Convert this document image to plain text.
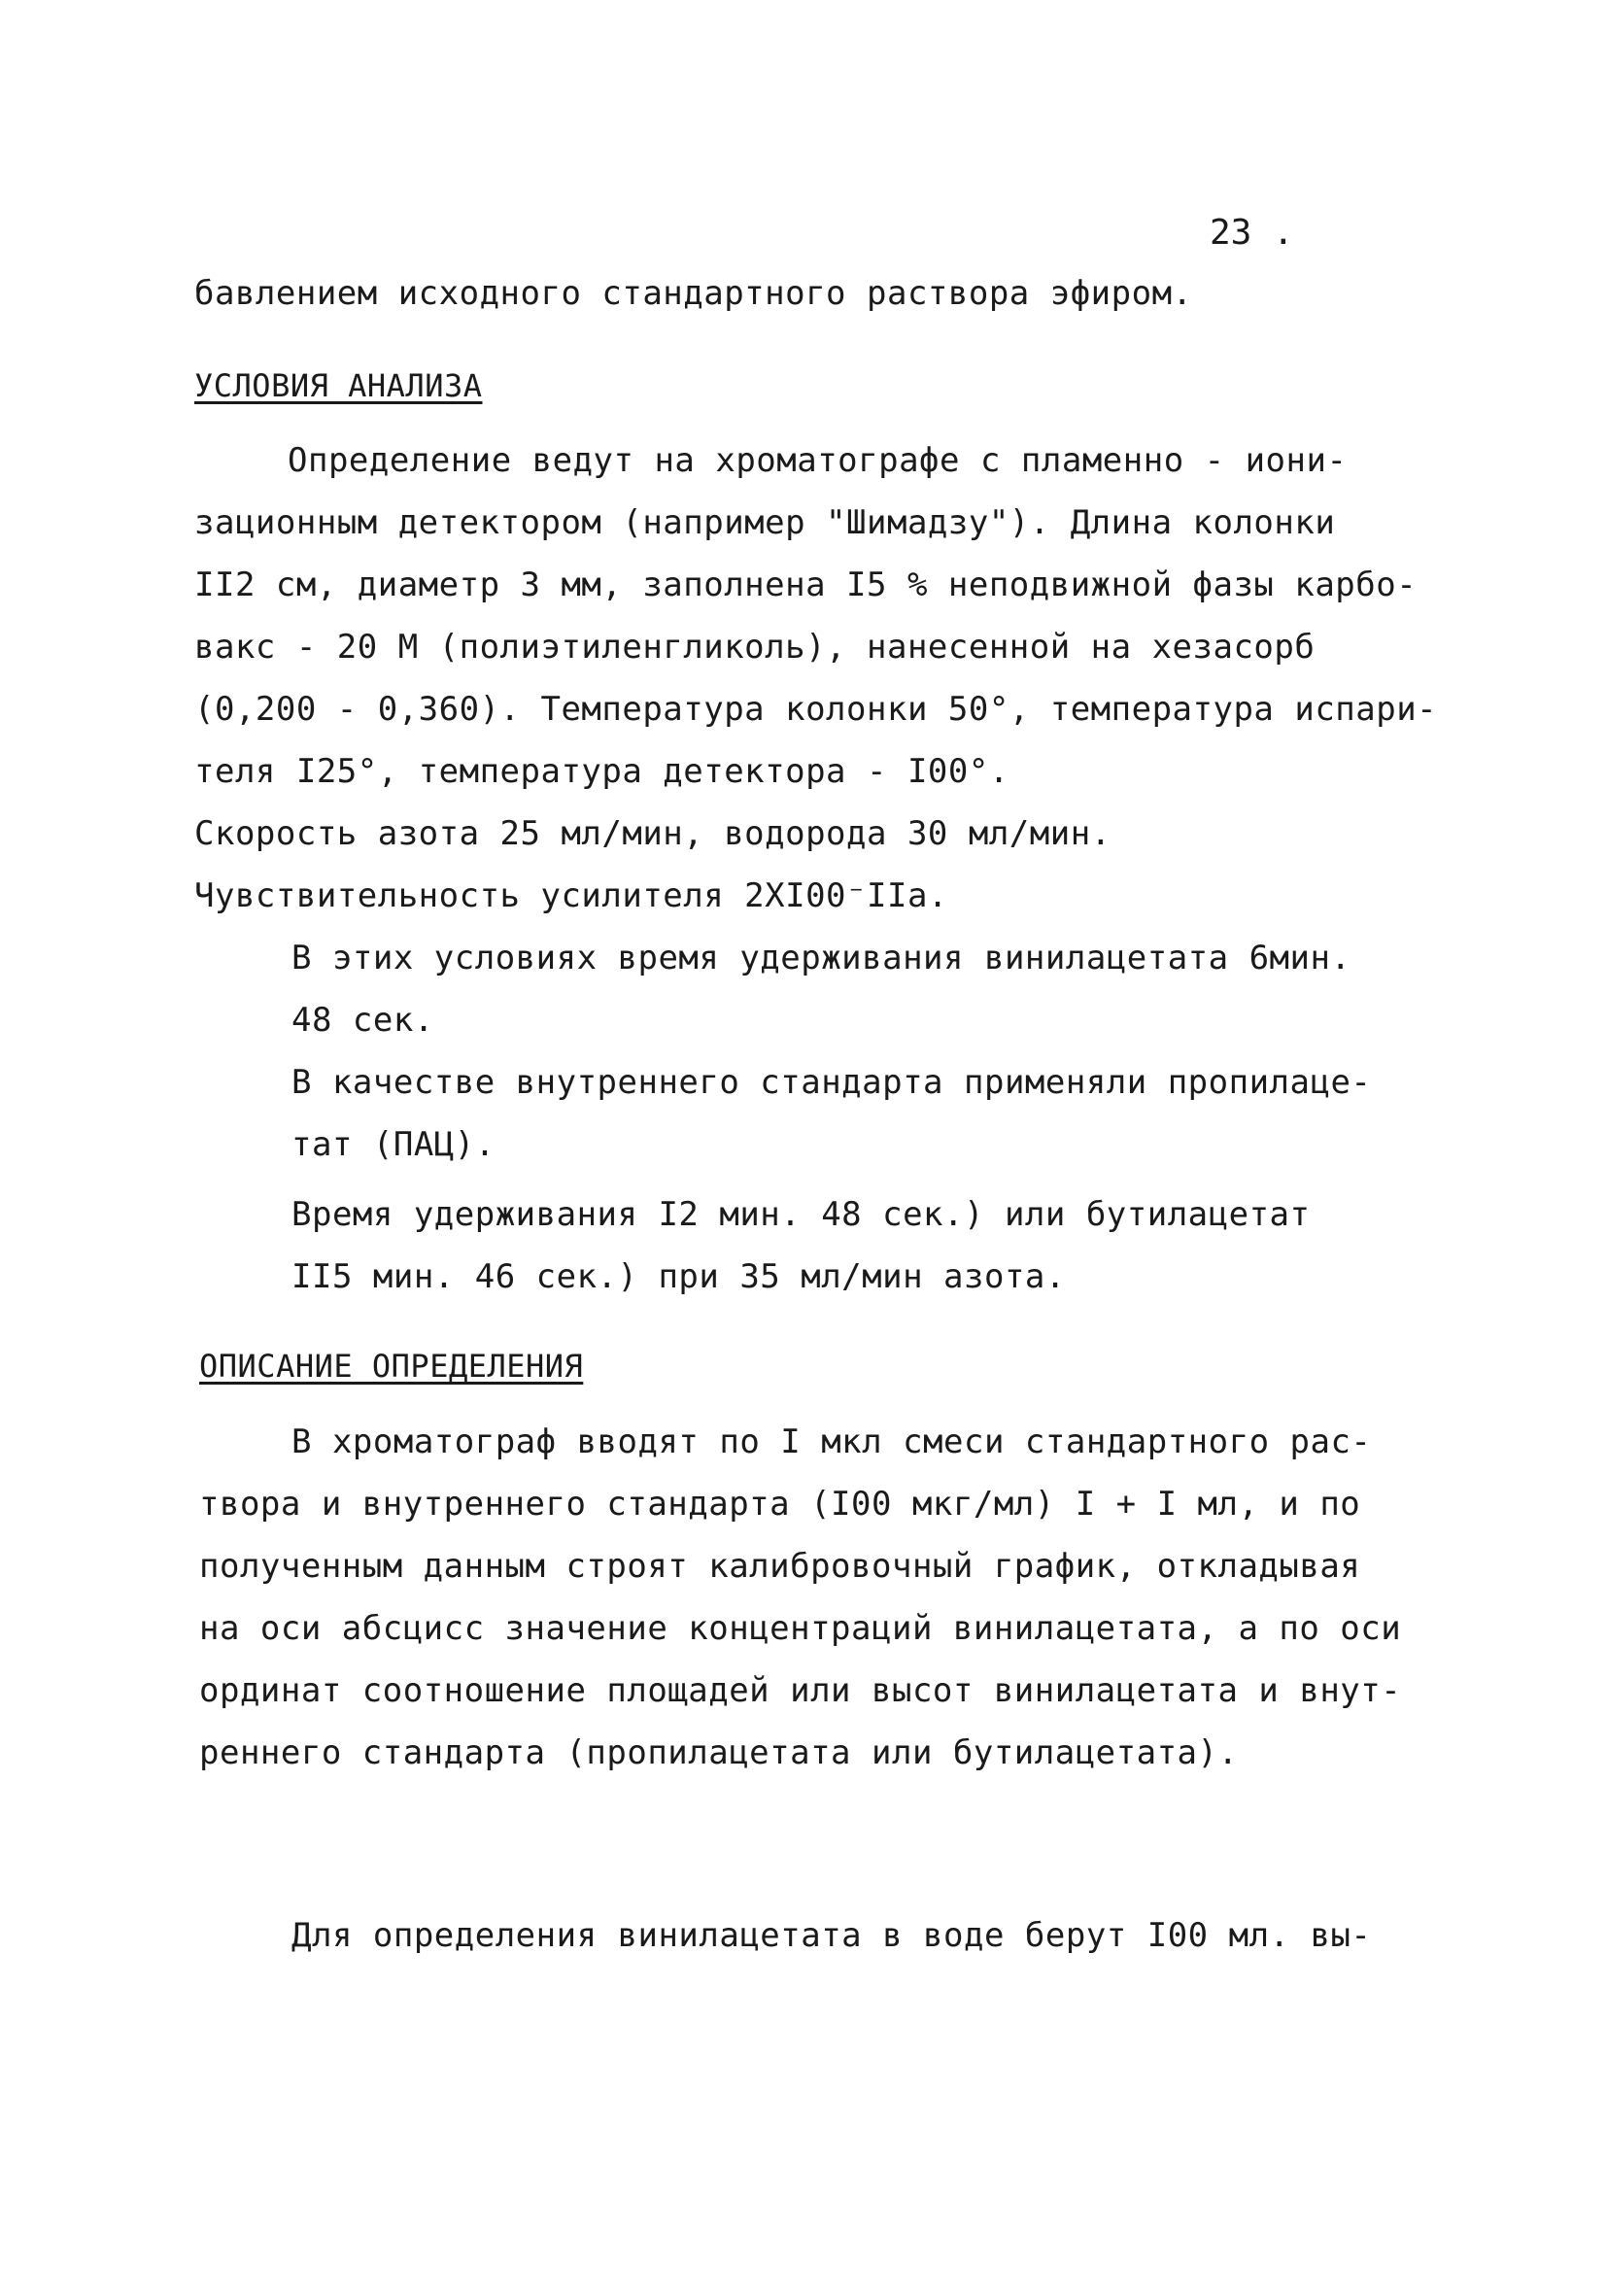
23 .
бавлением исходного стандартного раствора эфиром.
УСЛОВИЯ АНАЛИЗА
Определение ведут на хроматографе с пламенно - иони-
зационным детектором (например "Шимадзу"). Длина колонки
II2 см, диаметр 3 мм, заполнена I5 % неподвижной фазы карбо-
вакс - 20 М (полиэтиленгликоль), нанесенной на хезасорб
(0,200 - 0,360). Температура колонки 50°, температура испари-
теля I25°, температура детектора - I00°.
Скорость азота 25 мл/мин, водорода 30 мл/мин.
Чувствительность усилителя 2XI00⁻IIа.
В этих условиях время удерживания винилацетата 6мин.
48 сек.
В качестве внутреннего стандарта применяли пропилаце-
тат (ПАЦ).
Время удерживания I2 мин. 48 сек.) или бутилацетат
II5 мин. 46 сек.) при 35 мл/мин азота.
ОПИСАНИЕ ОПРЕДЕЛЕНИЯ
В хроматограф вводят по I мкл смеси стандартного рас-
твора и внутреннего стандарта (I00 мкг/мл) I + I мл, и по
полученным данным строят калибровочный график, откладывая
на оси абсцисс значение концентраций винилацетата, а по оси
ординат соотношение площадей или высот винилацетата и внут-
реннего стандарта (пропилацетата или бутилацетата).
Для определения винилацетата в воде берут I00 мл. вы-
